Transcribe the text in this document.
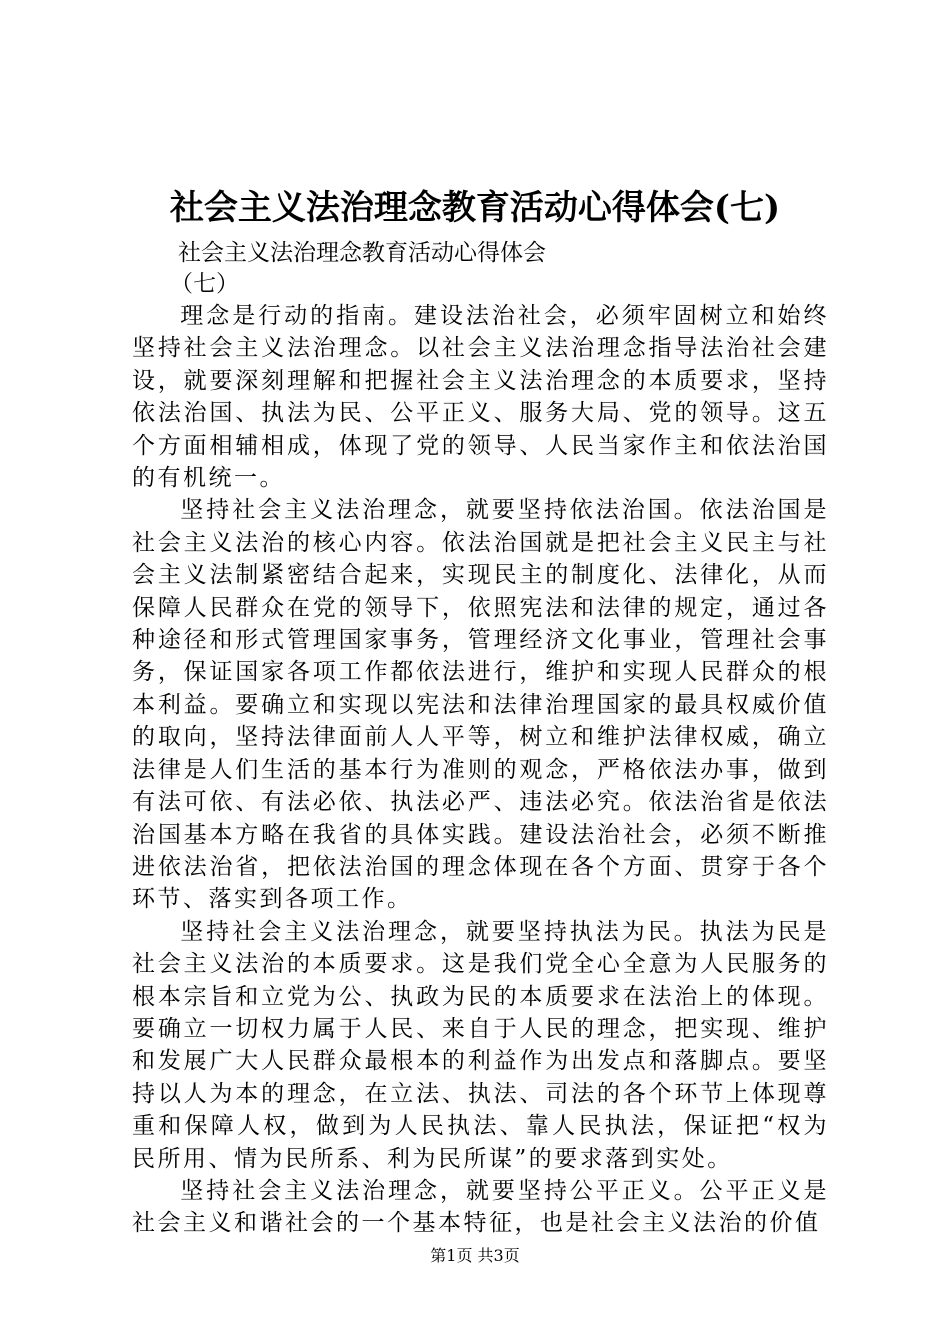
社会主义法治理念教育活动心得体会(七)
社会主义法治理念教育活动心得体会
（七）

理念是行动的指南。建设法治社会，必须牢固树立和始终坚持社会主义法治理念。以社会主义法治理念指导法治社会建设，就要深刻理解和把握社会主义法治理念的本质要求，坚持依法治国、执法为民、公平正义、服务大局、党的领导。这五个方面相辅相成，体现了党的领导、人民当家作主和依法治国的有机统一。

坚持社会主义法治理念，就要坚持依法治国。依法治国是社会主义法治的核心内容。依法治国就是把社会主义民主与社会主义法制紧密结合起来，实现民主的制度化、法律化，从而保障人民群众在党的领导下，依照宪法和法律的规定，通过各种途径和形式管理国家事务，管理经济文化事业，管理社会事务，保证国家各项工作都依法进行，维护和实现人民群众的根本利益。要确立和实现以宪法和法律治理国家的最具权威价值的取向，坚持法律面前人人平等，树立和维护法律权威，确立法律是人们生活的基本行为准则的观念，严格依法办事，做到有法可依、有法必依、执法必严、违法必究。依法治省是依法治国基本方略在我省的具体实践。建设法治社会，必须不断推进依法治省，把依法治国的理念体现在各个方面、贯穿于各个环节、落实到各项工作。

坚持社会主义法治理念，就要坚持执法为民。执法为民是社会主义法治的本质要求。这是我们党全心全意为人民服务的根本宗旨和立党为公、执政为民的本质要求在法治上的体现。要确立一切权力属于人民、来自于人民的理念，把实现、维护和发展广大人民群众最根本的利益作为出发点和落脚点。要坚持以人为本的理念，在立法、执法、司法的各个环节上体现尊重和保障人权，做到为人民执法、靠人民执法，保证把“权为民所用、情为民所系、利为民所谋”的要求落到实处。

坚持社会主义法治理念，就要坚持公平正义。公平正义是社会主义和谐社会的一个基本特征，也是社会主义法治的价值

第1页 共3页
